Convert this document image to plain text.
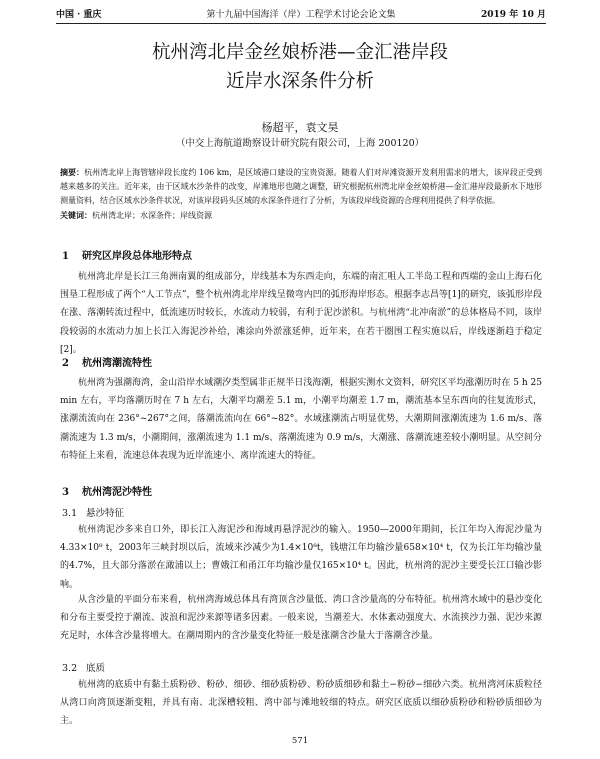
中国 · 重庆	第十九届中国海洋（岸）工程学术讨论会论文集	2019 年 10 月
杭州湾北岸金丝娘桥港—金汇港岸段
近岸水深条件分析
杨超平，袁文昊
（中交上海航道勘察设计研究院有限公司，上海 200120）
摘要：杭州湾北岸上海管辖岸段长度约 106 km，是区域港口建设的宝贵资源。随着人们对岸滩资源开发利用需求的增大，该岸段正受到越来越多的关注。近年来，由于区域水沙条件的改变，岸滩地形也随之调整，研究根据杭州湾北岸金丝娘桥港—金汇港岸段最新水下地形测量资料，结合区域水沙条件状况，对该岸段码头区域的水深条件进行了分析，为该段岸线资源的合理利用提供了科学依据。
关键词：杭州湾北岸；水深条件；岸线资源
1 研究区岸段总体地形特点
杭州湾北岸是长江三角洲南翼的组成部分，岸线基本为东西走向，东端的南汇咀人工半岛工程和西端的金山上海石化围垦工程形成了两个“人工节点”，整个杭州湾北岸岸线呈微弯内凹的弧形海岸形态。根据李志昌等[1]的研究，该弧形岸段在涨、落潮转流过程中，低流速历时较长，水流动力较弱，有利于泥沙淤积。与杭州湾“北冲南淤”的总体格局不同，该岸段较弱的水流动力加上长江入海泥沙补给，滩涂向外淤涨延伸，近年来，在若干圈围工程实施以后，岸线逐渐趋于稳定[2]。
2 杭州湾潮流特性
杭州湾为强潮海湾，金山沿岸水域潮汐类型属非正规半日浅海潮，根据实测水文资料，研究区平均涨潮历时在 5 h 25 min 左右，平均落潮历时在 7 h 左右，大潮平均潮差 5.1 m，小潮平均潮差 1.7 m，潮流基本呈东西向的往复流形式，涨潮流流向在 236°~267°之间，落潮流流向在 66°~82°。水域涨潮流占明显优势，大潮期间涨潮流速为 1.6 m/s、落潮流速为 1.3 m/s，小潮期间，涨潮流速为 1.1 m/s、落潮流速为 0.9 m/s，大潮涨、落潮流速差较小潮明显。从空间分布特征上来看，流速总体表现为近岸流速小、离岸流速大的特征。
3 杭州湾泥沙特性
3.1 悬沙特征
杭州湾泥沙多来自口外，即长江入海泥沙和海域再悬浮泥沙的输入。1950—2000年期间，长江年均入海泥沙量为4.33×10⁸ t，2003年三峡封坝以后，流域来沙减少为1.4×10⁸t，钱塘江年均输沙量658×10⁴ t，仅为长江年均输沙量的4.7%，且大部分落淤在澉浦以上；曹娥江和甬江年均输沙量仅165×10⁴ t。因此，杭州湾的泥沙主要受长江口输沙影响。
从含沙量的平面分布来看，杭州湾海域总体具有湾顶含沙量低、湾口含沙量高的分布特征。杭州湾水域中的悬沙变化和分布主要受控于潮流、波浪和泥沙来源等诸多因素。一般来说，当潮差大、水体紊动强度大、水流挟沙力强、泥沙来源充足时，水体含沙量将增大。在潮周期内的含沙量变化特征一般是涨潮含沙量大于落潮含沙量。
3.2 底质
杭州湾的底质中有黏土质粉砂、粉砂、细砂、细砂质粉砂、粉砂质细砂和黏土−粉砂−细砂六类。杭州湾河床质粒径从湾口向湾顶逐渐变粗，并具有南、北深槽较粗、湾中部与滩地较细的特点。研究区底质以细砂质粉砂和粉砂质细砂为主。
571
